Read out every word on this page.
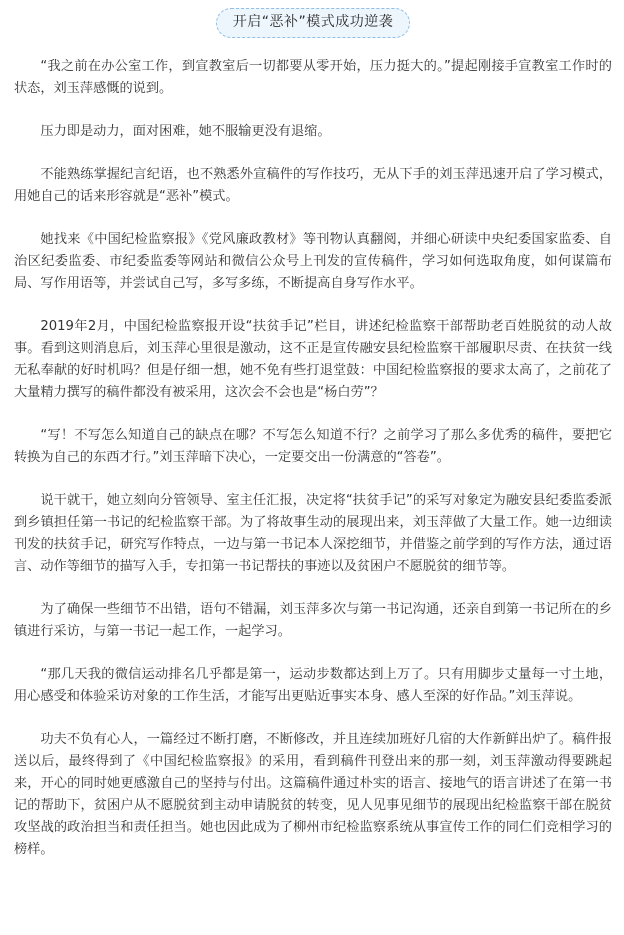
开启“恶补”模式成功逆袭

“我之前在办公室工作，到宣教室后一切都要从零开始，压力挺大的。”提起刚接手宣教室工作时的状态，刘玉萍感慨的说到。

压力即是动力，面对困难，她不服输更没有退缩。

不能熟练掌握纪言纪语，也不熟悉外宣稿件的写作技巧，无从下手的刘玉萍迅速开启了学习模式，用她自己的话来形容就是“恶补”模式。

她找来《中国纪检监察报》《党风廉政教材》等刊物认真翻阅，并细心研读中央纪委国家监委、自治区纪委监委、市纪委监委等网站和微信公众号上刊发的宣传稿件，学习如何选取角度，如何谋篇布局、写作用语等，并尝试自己写，多写多练，不断提高自身写作水平。

2019年2月，中国纪检监察报开设“扶贫手记”栏目，讲述纪检监察干部帮助老百姓脱贫的动人故事。看到这则消息后，刘玉萍心里很是激动，这不正是宣传融安县纪检监察干部履职尽责、在扶贫一线无私奉献的好时机吗？但是仔细一想，她不免有些打退堂鼓：中国纪检监察报的要求太高了，之前花了大量精力撰写的稿件都没有被采用，这次会不会也是“杨白劳”？

“写！不写怎么知道自己的缺点在哪？不写怎么知道不行？之前学习了那么多优秀的稿件，要把它转换为自己的东西才行。”刘玉萍暗下决心，一定要交出一份满意的“答卷”。

说干就干，她立刻向分管领导、室主任汇报，决定将“扶贫手记”的采写对象定为融安县纪委监委派到乡镇担任第一书记的纪检监察干部。为了将故事生动的展现出来，刘玉萍做了大量工作。她一边细读刊发的扶贫手记，研究写作特点，一边与第一书记本人深挖细节，并借鉴之前学到的写作方法，通过语言、动作等细节的描写入手，专扣第一书记帮扶的事迹以及贫困户不愿脱贫的细节等。

为了确保一些细节不出错，语句不错漏，刘玉萍多次与第一书记沟通，还亲自到第一书记所在的乡镇进行采访，与第一书记一起工作，一起学习。

“那几天我的微信运动排名几乎都是第一，运动步数都达到上万了。只有用脚步丈量每一寸土地，用心感受和体验采访对象的工作生活，才能写出更贴近事实本身、感人至深的好作品。”刘玉萍说。

功夫不负有心人，一篇经过不断打磨，不断修改，并且连续加班好几宿的大作新鲜出炉了。稿件报送以后，最终得到了《中国纪检监察报》的采用，看到稿件刊登出来的那一刻，刘玉萍激动得要跳起来，开心的同时她更感激自己的坚持与付出。这篇稿件通过朴实的语言、接地气的语言讲述了在第一书记的帮助下，贫困户从不愿脱贫到主动申请脱贫的转变，见人见事见细节的展现出纪检监察干部在脱贫攻坚战的政治担当和责任担当。她也因此成为了柳州市纪检监察系统从事宣传工作的同仁们竞相学习的榜样。
